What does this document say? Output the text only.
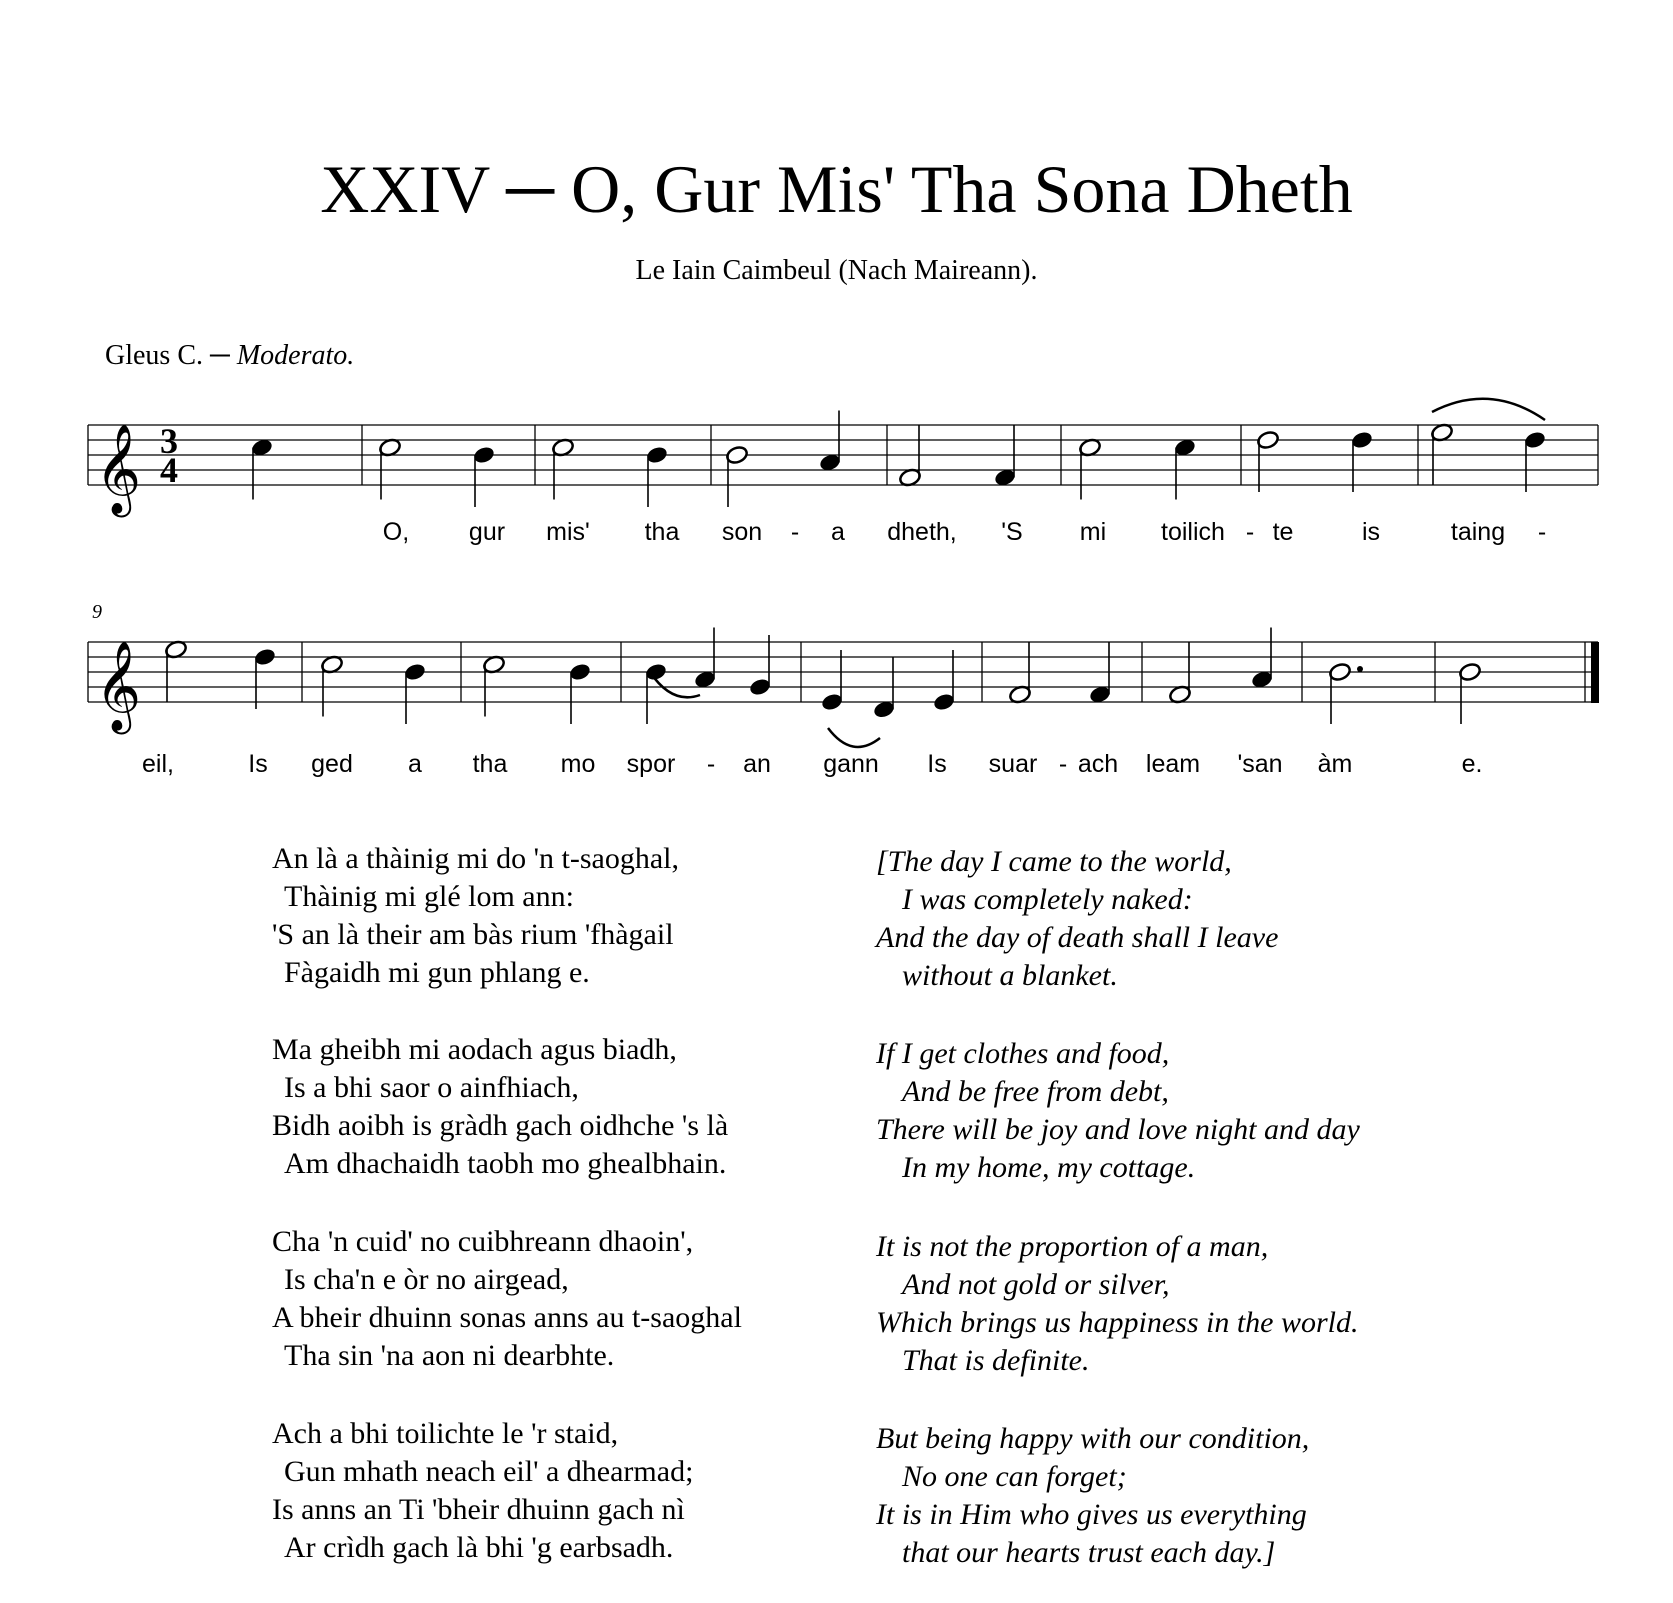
XXIV ─ O, Gur Mis' Tha Sona Dheth
Le Iain Caimbeul (Nach Maireann).
Gleus C. ─ Moderato.
𝄞 3
4
𝄞
9
O, gur mis' tha son - a dheth, 'S mi toilich - te	is	taing -
eil,	Is ged a tha mo spor - an gann Is suar - ach leam 'san àm	e.
An là a thàinig mi do 'n t-saoghal,
Thàinig mi glé lom ann:
'S an là their am bàs rium 'fhàgail
Fàgaidh mi gun phlang e.
Ma gheibh mi aodach agus biadh,
Is a bhi saor o ainfhiach,
Bidh aoibh is gràdh gach oidhche 's là
Am dhachaidh taobh mo ghealbhain.
Cha 'n cuid' no cuibhreann dhaoin',
Is cha'n e òr no airgead,
A bheir dhuinn sonas anns au t-saoghal
Tha sin 'na aon ni dearbhte.
Ach a bhi toilichte le 'r staid,
Gun mhath neach eil' a dhearmad;
Is anns an Ti 'bheir dhuinn gach nì
Ar crìdh gach là bhi 'g earbsadh.
[The day I came to the world,
I was completely naked:
And the day of death shall I leave
without a blanket.
If I get clothes and food,
And be free from debt,
There will be joy and love night and day
In my home, my cottage.
It is not the proportion of a man,
And not gold or silver,
Which brings us happiness in the world.
That is definite.
But being happy with our condition,
No one can forget;
It is in Him who gives us everything
that our hearts trust each day.]
